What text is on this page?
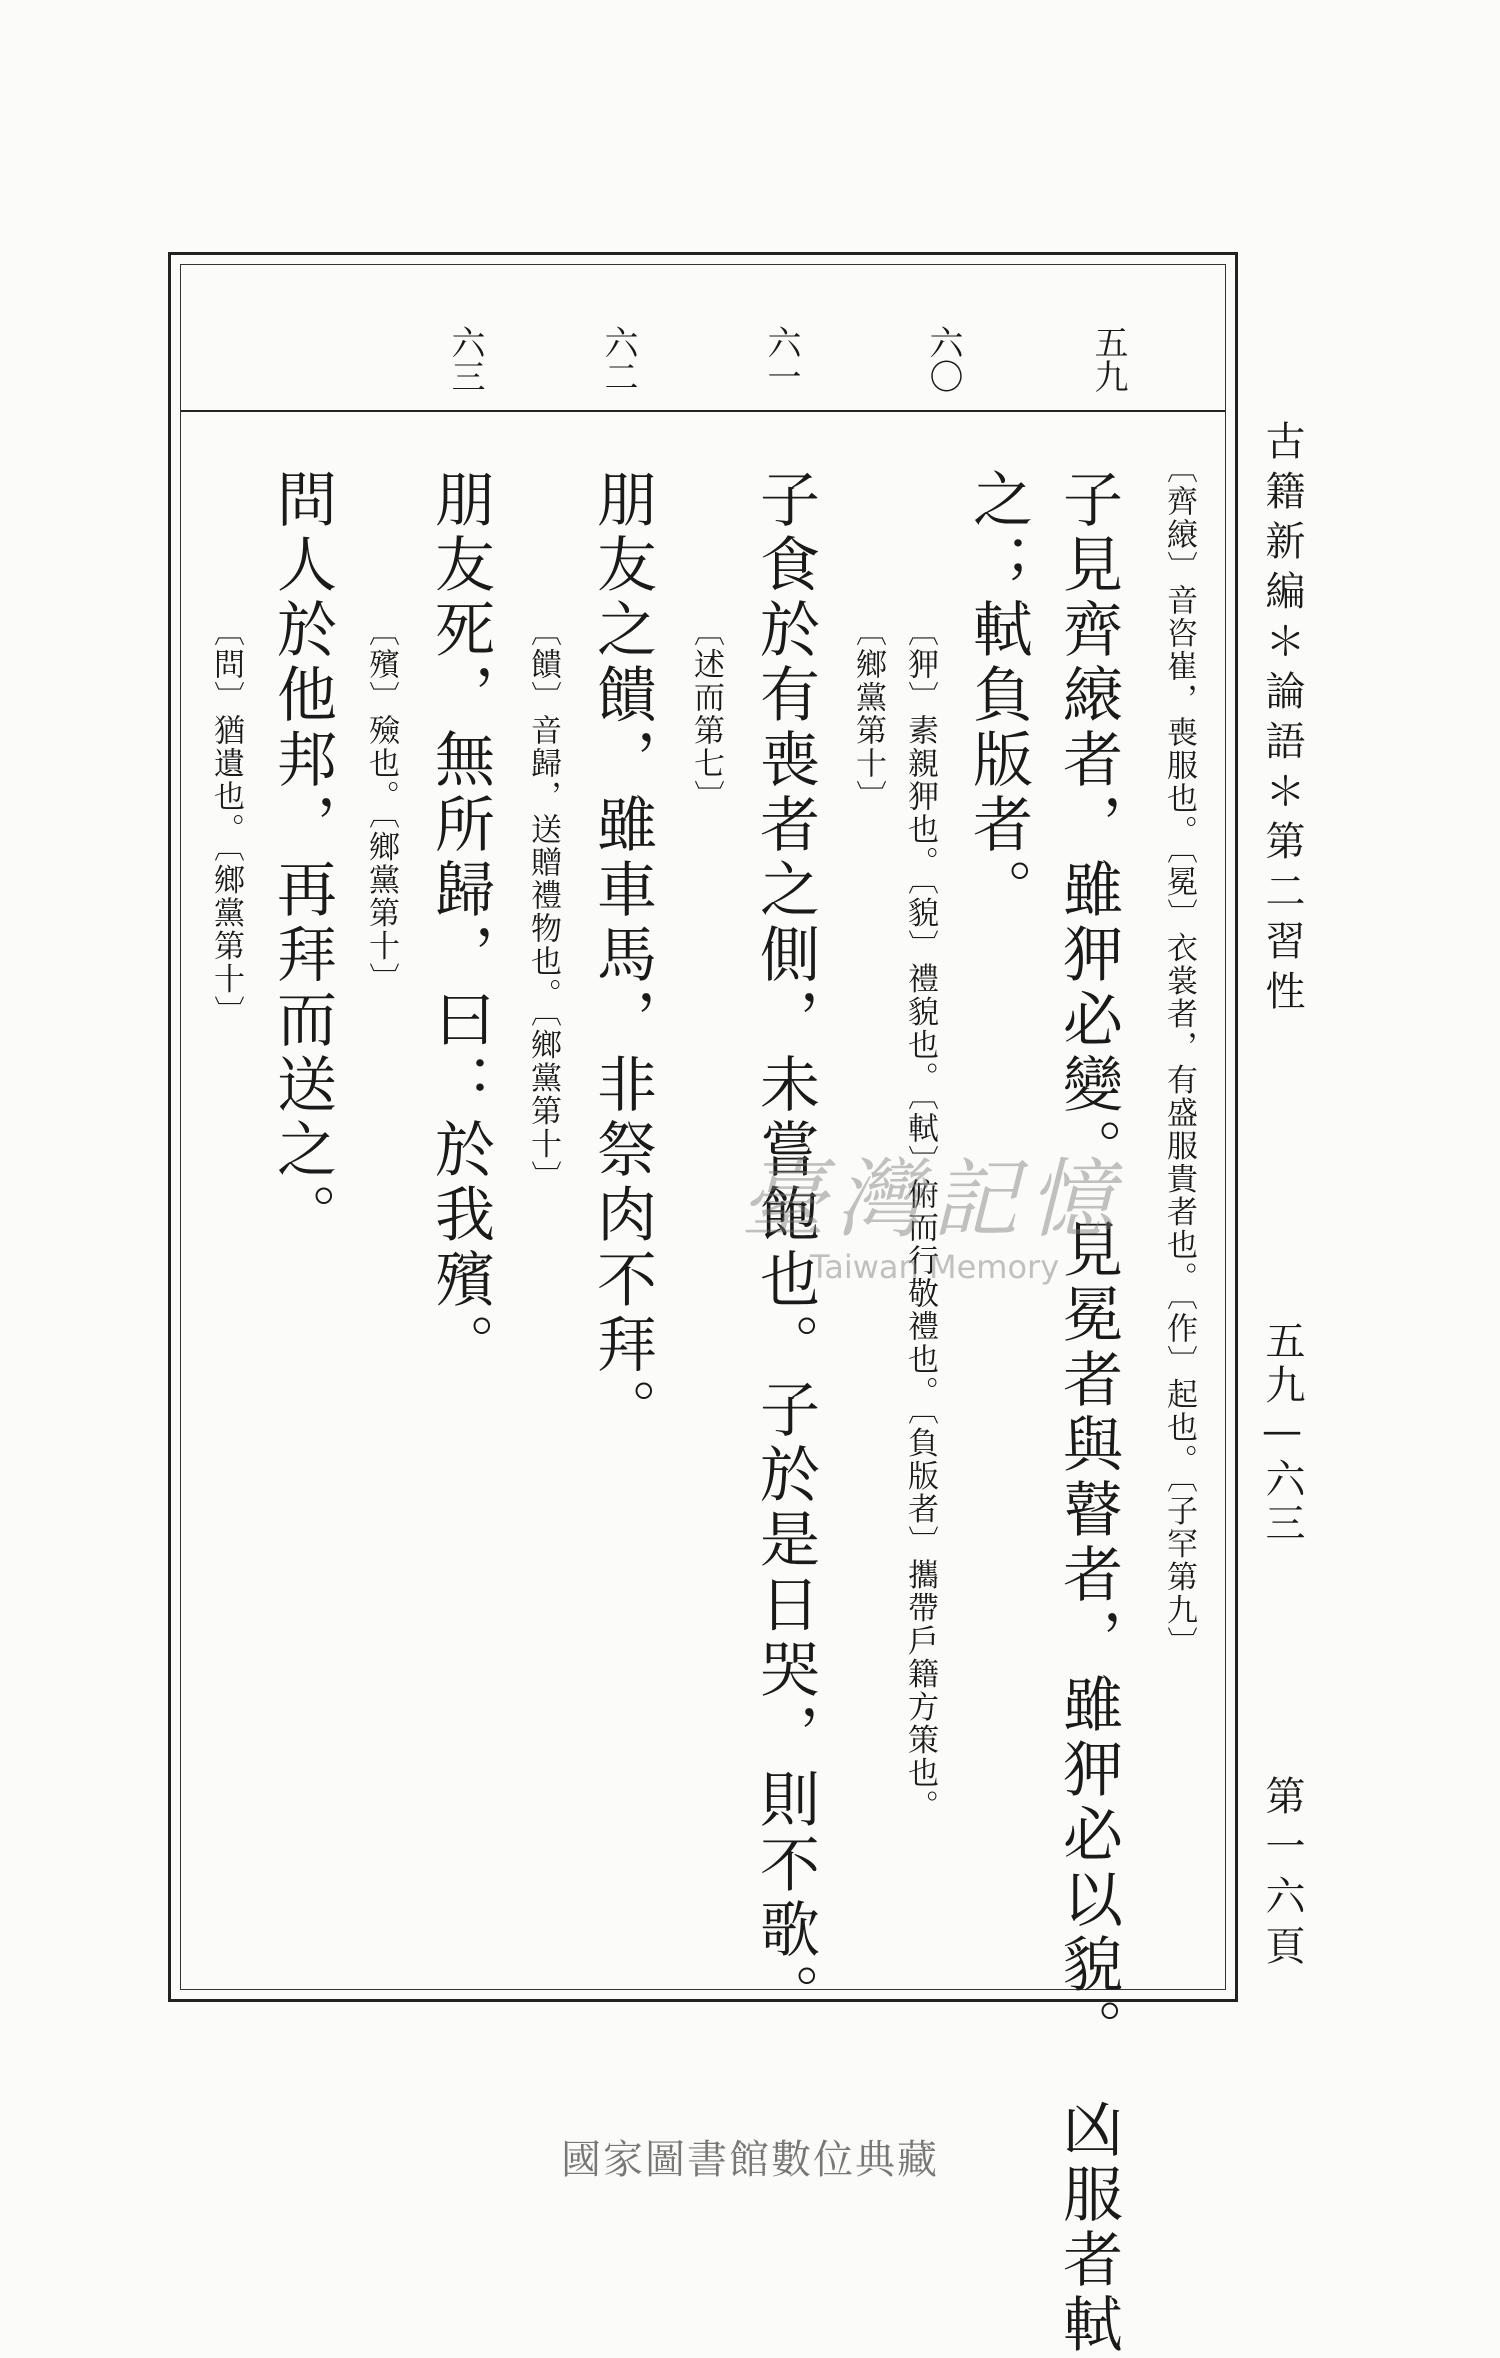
古籍新編＊論語＊第二習性
五九—六三
第一六頁
五九
六〇
六一
六二
六三
〔齊縗〕音咨崔，喪服也。〔冕〕衣裳者，有盛服貴者也。〔作〕起也。〔子罕第九〕
子見齊縗者，雖狎必變。　見冕者與瞽者，雖狎必以貌。　凶服者軾
之；軾負版者。
〔狎〕素親狎也。〔貌〕禮貌也。〔軾〕俯而行敬禮也。〔負版者〕攜帶戶籍方策也。
〔鄉黨第十〕
子食於有喪者之側，未嘗飽也。子於是日哭，則不歌。
〔述而第七〕
朋友之饋，雖車馬，非祭肉不拜。
〔饋〕音歸，送贈禮物也。〔鄉黨第十〕
朋友死，無所歸，曰：於我殯。
〔殯〕殮也。〔鄉黨第十〕
問人於他邦，再拜而送之。
〔問〕猶遺也。〔鄉黨第十〕
臺灣記憶
Taiwan Memory
國家圖書館數位典藏
